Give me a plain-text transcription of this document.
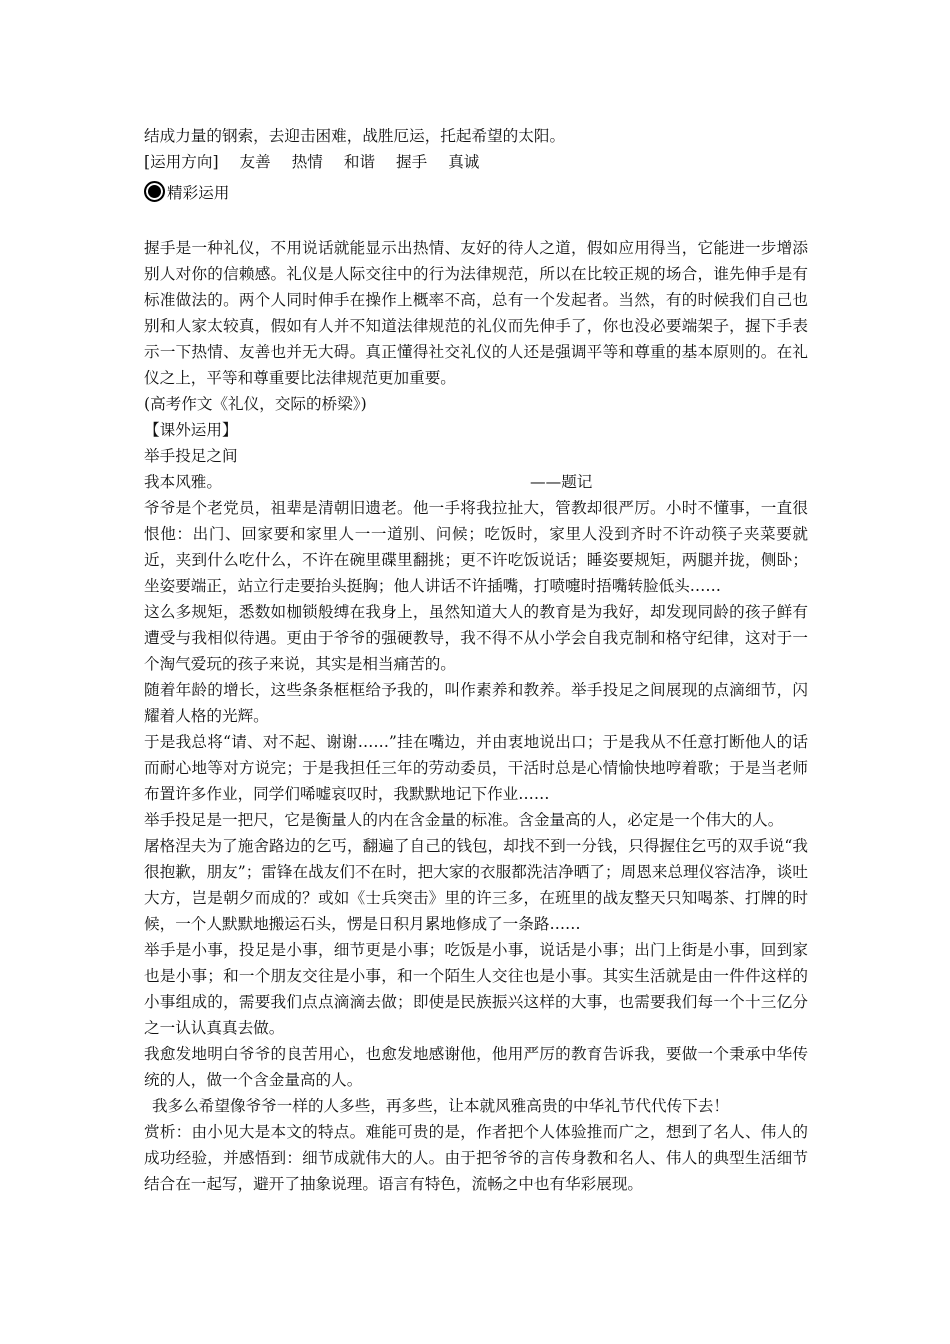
结成力量的钢索，去迎击困难，战胜厄运，托起希望的太阳。

[运用方向] 友善 热情 和谐 握手 真诚

精彩运用

握手是一种礼仪，不用说话就能显示出热情、友好的待人之道，假如应用得当，它能进一步增添别人对你的信赖感。礼仪是人际交往中的行为法律规范，所以在比较正规的场合，谁先伸手是有标准做法的。两个人同时伸手在操作上概率不高，总有一个发起者。当然，有的时候我们自己也别和人家太较真，假如有人并不知道法律规范的礼仪而先伸手了，你也没必要端架子，握下手表示一下热情、友善也并无大碍。真正懂得社交礼仪的人还是强调平等和尊重的基本原则的。在礼仪之上，平等和尊重要比法律规范更加重要。

(高考作文《礼仪，交际的桥梁》)

【课外运用】

举手投足之间

我本风雅。	——题记

爷爷是个老党员，祖辈是清朝旧遗老。他一手将我拉扯大，管教却很严厉。小时不懂事，一直很恨他：出门、回家要和家里人一一道别、问候；吃饭时，家里人没到齐时不许动筷子夹菜要就近，夹到什么吃什么，不许在碗里碟里翻挑；更不许吃饭说话；睡姿要规矩，两腿并拢，侧卧；坐姿要端正，站立行走要抬头挺胸；他人讲话不许插嘴，打喷嚏时捂嘴转脸低头……

这么多规矩，悉数如枷锁般缚在我身上，虽然知道大人的教育是为我好，却发现同龄的孩子鲜有遭受与我相似待遇。更由于爷爷的强硬教导，我不得不从小学会自我克制和格守纪律，这对于一个淘气爱玩的孩子来说，其实是相当痛苦的。

随着年龄的增长，这些条条框框给予我的，叫作素养和教养。举手投足之间展现的点滴细节，闪耀着人格的光辉。

于是我总将“请、对不起、谢谢……”挂在嘴边，并由衷地说出口；于是我从不任意打断他人的话而耐心地等对方说完；于是我担任三年的劳动委员，干活时总是心情愉快地哼着歌；于是当老师布置许多作业，同学们唏嘘哀叹时，我默默地记下作业……

举手投足是一把尺，它是衡量人的内在含金量的标准。含金量高的人，必定是一个伟大的人。

屠格涅夫为了施舍路边的乞丐，翻遍了自己的钱包，却找不到一分钱，只得握住乞丐的双手说“我很抱歉，朋友”；雷锋在战友们不在时，把大家的衣服都洗洁净晒了；周恩来总理仪容洁净，谈吐大方，岂是朝夕而成的？或如《士兵突击》里的许三多，在班里的战友整天只知喝茶、打牌的时候，一个人默默地搬运石头，愣是日积月累地修成了一条路……

举手是小事，投足是小事，细节更是小事；吃饭是小事，说话是小事；出门上街是小事，回到家也是小事；和一个朋友交往是小事，和一个陌生人交往也是小事。其实生活就是由一件件这样的小事组成的，需要我们点点滴滴去做；即使是民族振兴这样的大事，也需要我们每一个十三亿分之一认认真真去做。

我愈发地明白爷爷的良苦用心，也愈发地感谢他，他用严厉的教育告诉我，要做一个秉承中华传统的人，做一个含金量高的人。

我多么希望像爷爷一样的人多些，再多些，让本就风雅高贵的中华礼节代代传下去！

赏析：由小见大是本文的特点。难能可贵的是，作者把个人体验推而广之，想到了名人、伟人的成功经验，并感悟到：细节成就伟大的人。由于把爷爷的言传身教和名人、伟人的典型生活细节结合在一起写，避开了抽象说理。语言有特色，流畅之中也有华彩展现。
